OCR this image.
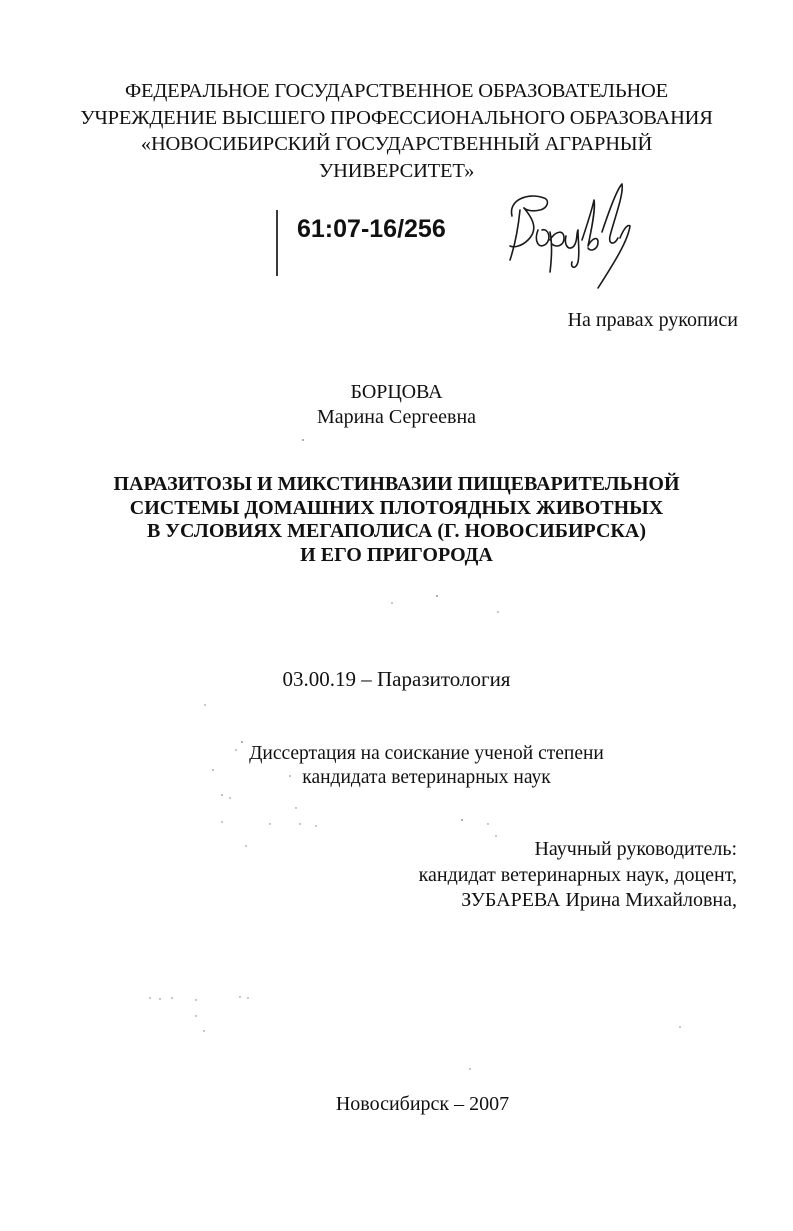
ФЕДЕРАЛЬНОЕ ГОСУДАРСТВЕННОЕ ОБРАЗОВАТЕЛЬНОЕ
УЧРЕЖДЕНИЕ ВЫСШЕГО ПРОФЕССИОНАЛЬНОГО ОБРАЗОВАНИЯ
«НОВОСИБИРСКИЙ ГОСУДАРСТВЕННЫЙ АГРАРНЫЙ
УНИВЕРСИТЕТ»
61:07-16/256
На правах рукописи
БОРЦОВА
Марина Сергеевна
ПАРАЗИТОЗЫ И МИКСТИНВАЗИИ ПИЩЕВАРИТЕЛЬНОЙ
СИСТЕМЫ ДОМАШНИХ ПЛОТОЯДНЫХ ЖИВОТНЫХ
В УСЛОВИЯХ МЕГАПОЛИСА (Г. НОВОСИБИРСКА)
И ЕГО ПРИГОРОДА
03.00.19 – Паразитология
Диссертация на соискание ученой степени
кандидата ветеринарных наук
Научный руководитель:
кандидат ветеринарных наук, доцент,
ЗУБАРЕВА Ирина Михайловна,
Новосибирск – 2007
